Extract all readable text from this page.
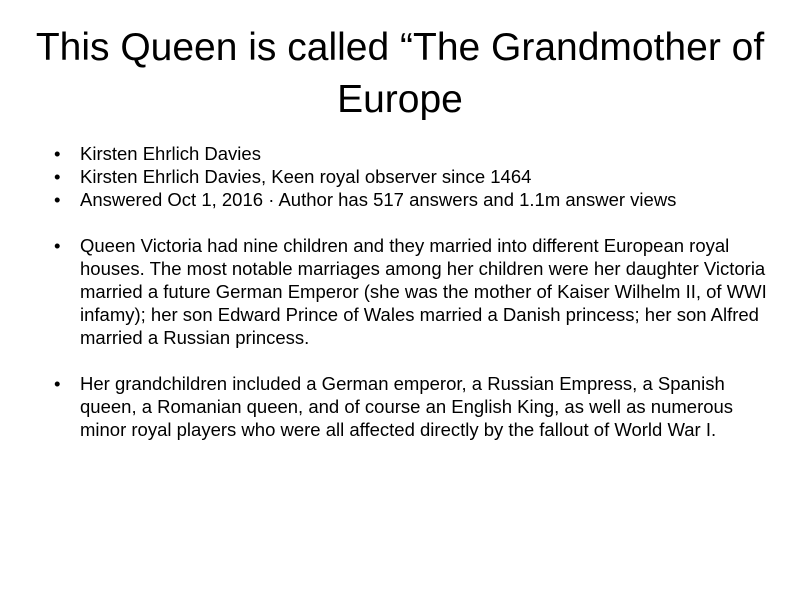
This Queen is called “The Grandmother of Europe
•	Kirsten Ehrlich Davies
•	Kirsten Ehrlich Davies, Keen royal observer since 1464
•	Answered Oct 1, 2016 · Author has 517 answers and 1.1m answer views
•	Queen Victoria had nine children and they married into different European royal houses. The most notable marriages among her children were her daughter Victoria married a future German Emperor (she was the mother of Kaiser Wilhelm II, of WWI infamy); her son Edward Prince of Wales married a Danish princess; her son Alfred married a Russian princess.
•	Her grandchildren included a German emperor, a Russian Empress, a Spanish queen, a Romanian queen, and of course an English King, as well as numerous minor royal players who were all affected directly by the fallout of World War I.
